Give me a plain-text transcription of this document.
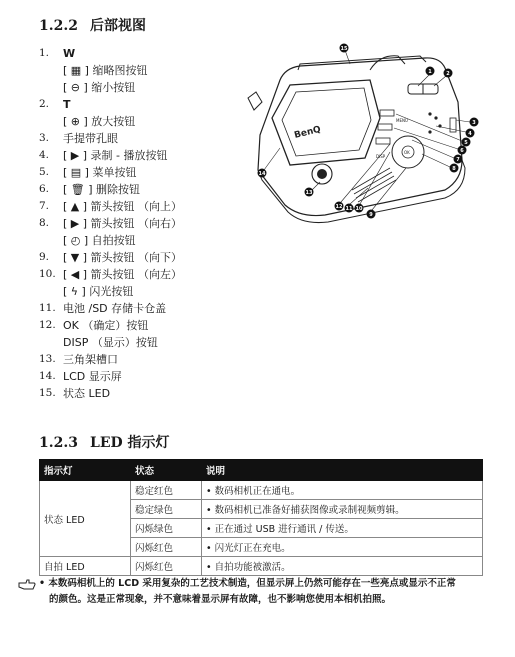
1.2.2 后部视图
1.	W
[ ▦ ] 缩略图按钮
[ ⊖ ] 缩小按钮
2.	T
[ ⊕ ] 放大按钮
3.	手提带孔眼
4.	[ ▶ ] 录制 - 播放按钮
5.	[ ▤ ] 菜单按钮
6.	[ 🗑 ] 删除按钮
7.	[ ▲ ] 箭头按钮 （向上）
8.	[ ▶ ] 箭头按钮 （向右）
[ ◴ ] 自拍按钮
9.	[ ▼ ] 箭头按钮 （向下）
10. [ ◀ ] 箭头按钮 （向左）
[ ϟ ] 闪光按钮
11. 电池 /SD 存储卡仓盖
12. OK （确定）按钮
DISP （显示）按钮
13. 三角架槽口
14. LCD 显示屏
15. 状态 LED
BenQ
MENU
DISP
OK
15
1	2
3
4
5
6
7
8
9
10
11
12
13
14
1.2.3 LED 指示灯
指示灯	状态	说明
状态 LED	稳定红色	• 数码相机正在通电。
	稳定绿色	• 数码相机已准备好捕获图像或录制视频剪辑。
	闪烁绿色	• 正在通过 USB 进行通讯 / 传送。
	闪烁红色	• 闪光灯正在充电。
自拍 LED	闪烁红色	• 自拍功能被激活。
• 本数码相机上的 LCD 采用复杂的工艺技术制造，但显示屏上仍然可能存在一些亮点或显示不正常
的颜色。这是正常现象，并不意味着显示屏有故障，也不影响您使用本相机拍照。
